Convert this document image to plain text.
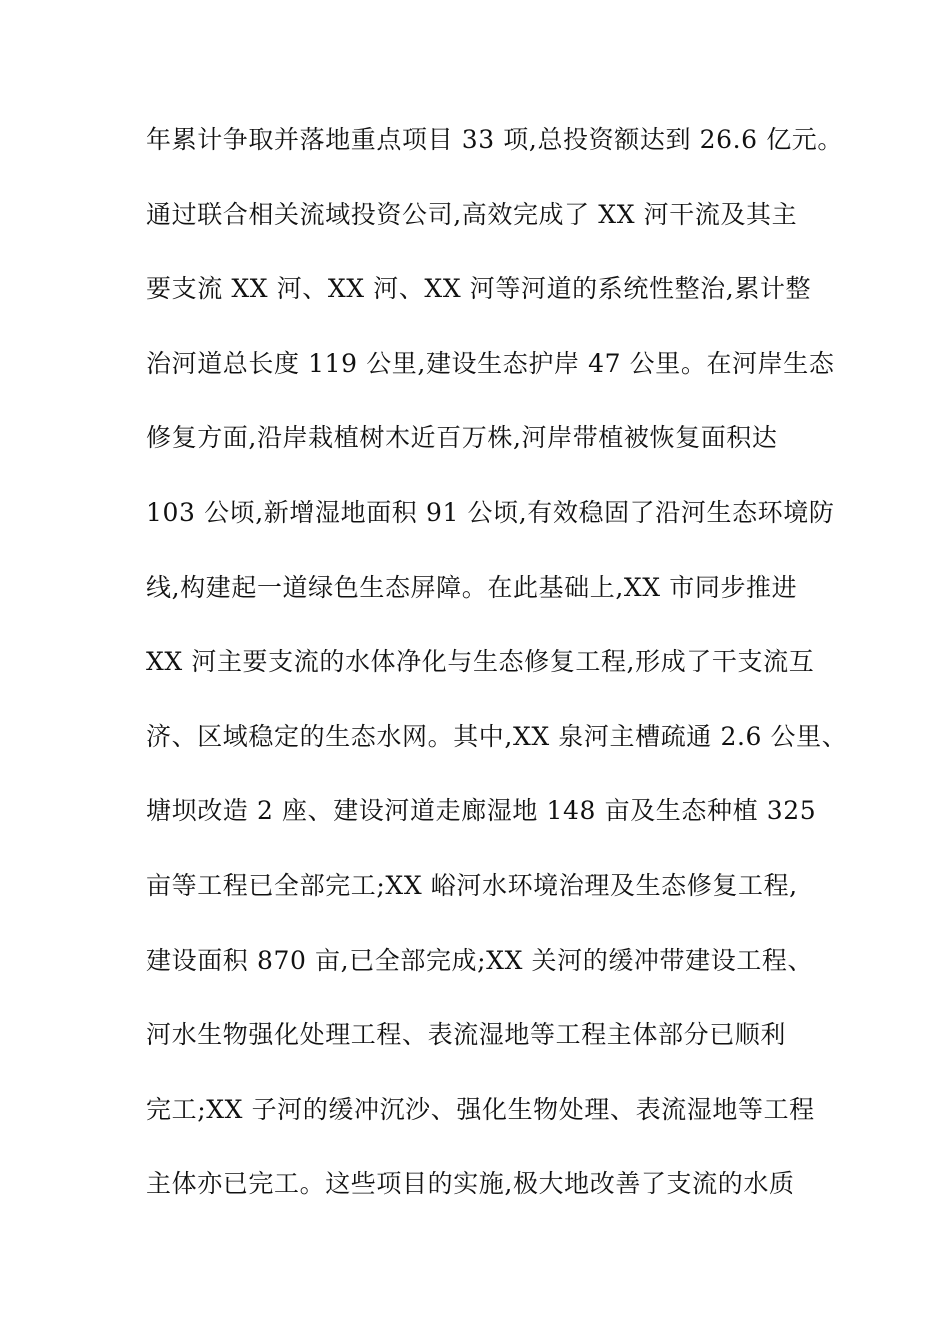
年累计争取并落地重点项目 33 项,总投资额达到 26.6 亿元。
通过联合相关流域投资公司,高效完成了 XX 河干流及其主
要支流 XX 河、XX 河、XX 河等河道的系统性整治,累计整
治河道总长度 119 公里,建设生态护岸 47 公里。在河岸生态
修复方面,沿岸栽植树木近百万株,河岸带植被恢复面积达
103 公顷,新增湿地面积 91 公顷,有效稳固了沿河生态环境防
线,构建起一道绿色生态屏障。在此基础上,XX 市同步推进
XX 河主要支流的水体净化与生态修复工程,形成了干支流互
济、区域稳定的生态水网。其中,XX 泉河主槽疏通 2.6 公里、
塘坝改造 2 座、建设河道走廊湿地 148 亩及生态种植 325
亩等工程已全部完工;XX 峪河水环境治理及生态修复工程,
建设面积 870 亩,已全部完成;XX 关河的缓冲带建设工程、
河水生物强化处理工程、表流湿地等工程主体部分已顺利
完工;XX 子河的缓冲沉沙、强化生物处理、表流湿地等工程
主体亦已完工。这些项目的实施,极大地改善了支流的水质
